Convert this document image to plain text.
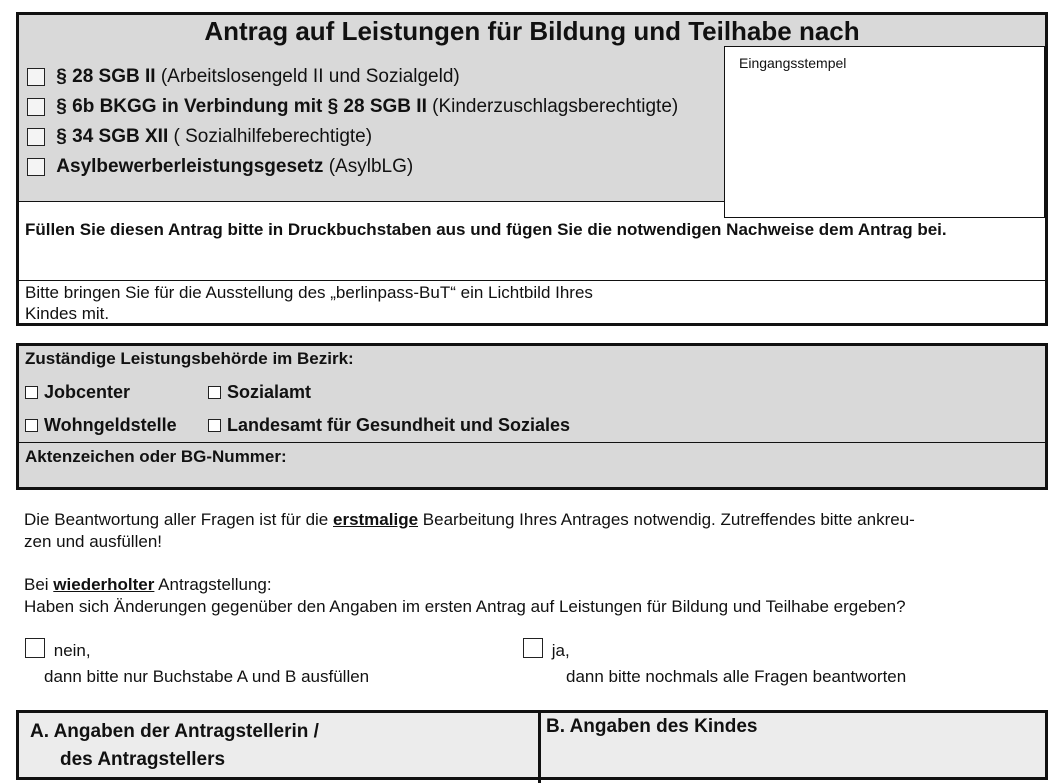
Antrag auf Leistungen für Bildung und Teilhabe nach
§ 28 SGB II (Arbeitslosengeld II und Sozialgeld)
§ 6b BKGG in Verbindung mit § 28 SGB II (Kinderzuschlagsberechtigte)
§ 34 SGB XII ( Sozialhilfeberechtigte)
Asylbewerberleistungsgesetz (AsylbLG)
Eingangsstempel
Füllen Sie diesen Antrag bitte in Druckbuchstaben aus und fügen Sie die notwendigen Nachweise dem Antrag bei.
Bitte bringen Sie für die Ausstellung des „berlinpass-BuT“ ein Lichtbild Ihres
Kindes mit.
Zuständige Leistungsbehörde im Bezirk:
Jobcenter	Sozialamt
Wohngeldstelle	Landesamt für Gesundheit und Soziales
Aktenzeichen oder BG-Nummer:
Die Beantwortung aller Fragen ist für die erstmalige Bearbeitung Ihres Antrages notwendig. Zutreffendes bitte ankreu-
zen und ausfüllen!
Bei wiederholter Antragstellung:
Haben sich Änderungen gegenüber den Angaben im ersten Antrag auf Leistungen für Bildung und Teilhabe ergeben?
nein,
dann bitte nur Buchstabe A und B ausfüllen
ja,
dann bitte nochmals alle Fragen beantworten
A. Angaben der Antragstellerin /
des Antragstellers
B. Angaben des Kindes
